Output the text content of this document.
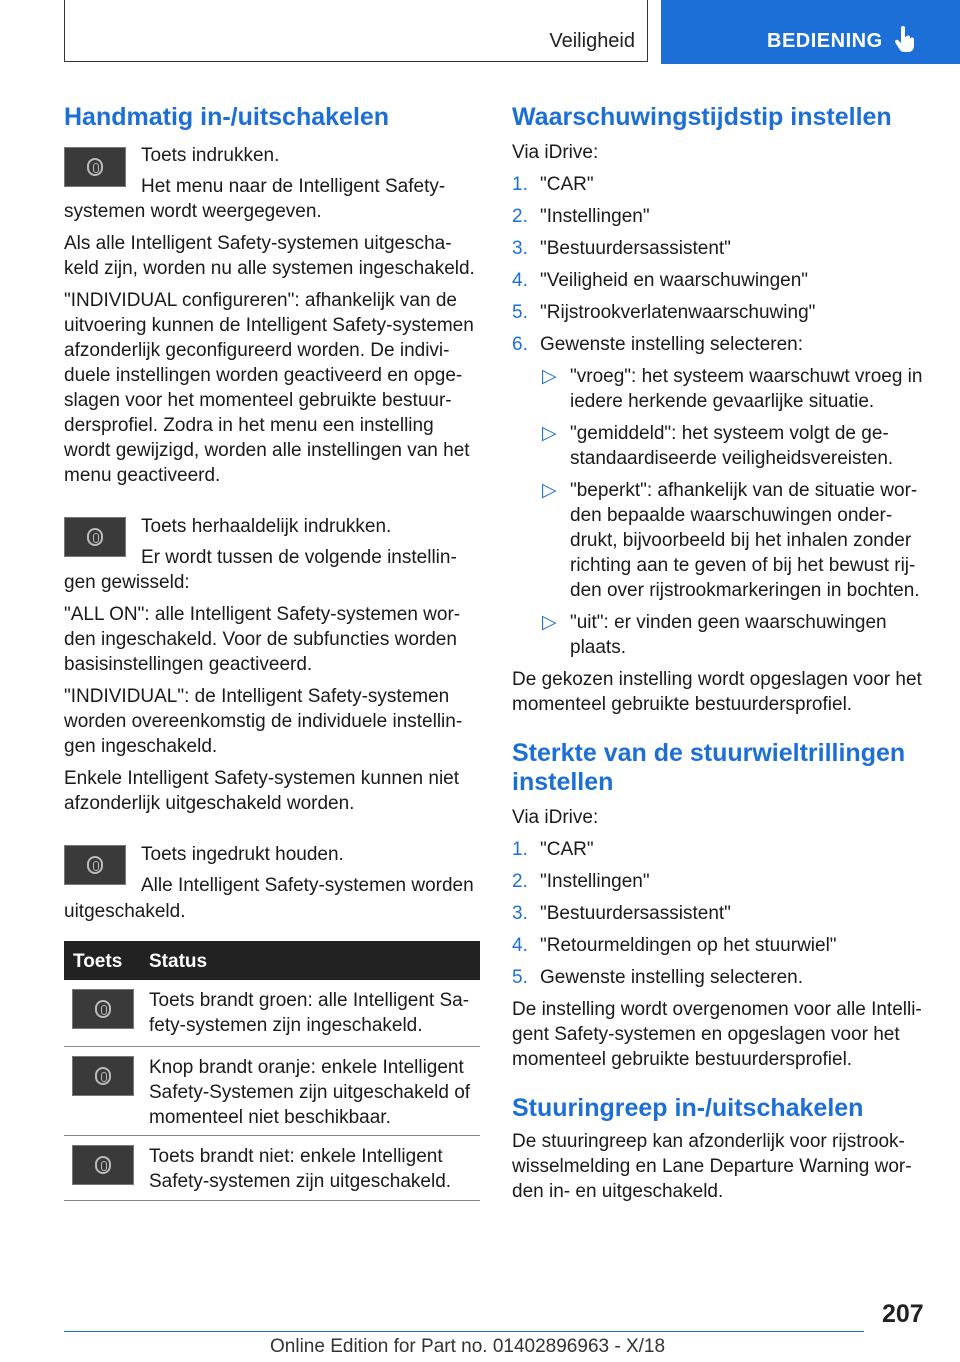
Veiligheid	BEDIENING
Handmatig in-/uitschakelen

Toets indrukken.

Het menu naar de Intelligent Safety-

systemen wordt weergegeven.

Als alle Intelligent Safety-systemen uitgescha-

keld zijn, worden nu alle systemen ingeschakeld.

"INDIVIDUAL configureren": afhankelijk van de

uitvoering kunnen de Intelligent Safety-systemen

afzonderlijk geconfigureerd worden. De indivi-

duele instellingen worden geactiveerd en opge-

slagen voor het momenteel gebruikte bestuur-

dersprofiel. Zodra in het menu een instelling

wordt gewijzigd, worden alle instellingen van het

menu geactiveerd.

Toets herhaaldelijk indrukken.

Er wordt tussen de volgende instellin-

gen gewisseld:

"ALL ON": alle Intelligent Safety-systemen wor-

den ingeschakeld. Voor de subfuncties worden

basisinstellingen geactiveerd.

"INDIVIDUAL": de Intelligent Safety-systemen

worden overeenkomstig de individuele instellin-

gen ingeschakeld.

Enkele Intelligent Safety-systemen kunnen niet

afzonderlijk uitgeschakeld worden.

Toets ingedrukt houden.

Alle Intelligent Safety-systemen worden

uitgeschakeld.

Toets Status

Toets brandt groen: alle Intelligent Sa-

fety-systemen zijn ingeschakeld.

Knop brandt oranje: enkele Intelligent

Safety-Systemen zijn uitgeschakeld of

momenteel niet beschikbaar.

Toets brandt niet: enkele Intelligent

Safety-systemen zijn uitgeschakeld.

Waarschuwingstijdstip instellen

Via iDrive:

1. "CAR"
2. "Instellingen"
3. "Bestuurdersassistent"
4. "Veiligheid en waarschuwingen"
5. "Rijstrookverlatenwaarschuwing"
6. Gewenste instelling selecteren:
▷ "vroeg": het systeem waarschuwt vroeg in

iedere herkende gevaarlijke situatie.

▷ "gemiddeld": het systeem volgt de ge-

standaardiseerde veiligheidsvereisten.

▷ "beperkt": afhankelijk van de situatie wor-

den bepaalde waarschuwingen onder-

drukt, bijvoorbeeld bij het inhalen zonder

richting aan te geven of bij het bewust rij-

den over rijstrookmarkeringen in bochten.

▷ "uit": er vinden geen waarschuwingen

plaats.

De gekozen instelling wordt opgeslagen voor het

momenteel gebruikte bestuurdersprofiel.

Sterkte van de stuurwieltrillingen
instellen

Via iDrive:

1. "CAR"
2. "Instellingen"
3. "Bestuurdersassistent"
4. "Retourmeldingen op het stuurwiel"
5. Gewenste instelling selecteren.

De instelling wordt overgenomen voor alle Intelli-

gent Safety-systemen en opgeslagen voor het

momenteel gebruikte bestuurdersprofiel.

Stuuringreep in-/uitschakelen

De stuuringreep kan afzonderlijk voor rijstrook-

wisselmelding en Lane Departure Warning wor-

den in- en uitgeschakeld.

207
Online Edition for Part no. 01402896963 - X/18
